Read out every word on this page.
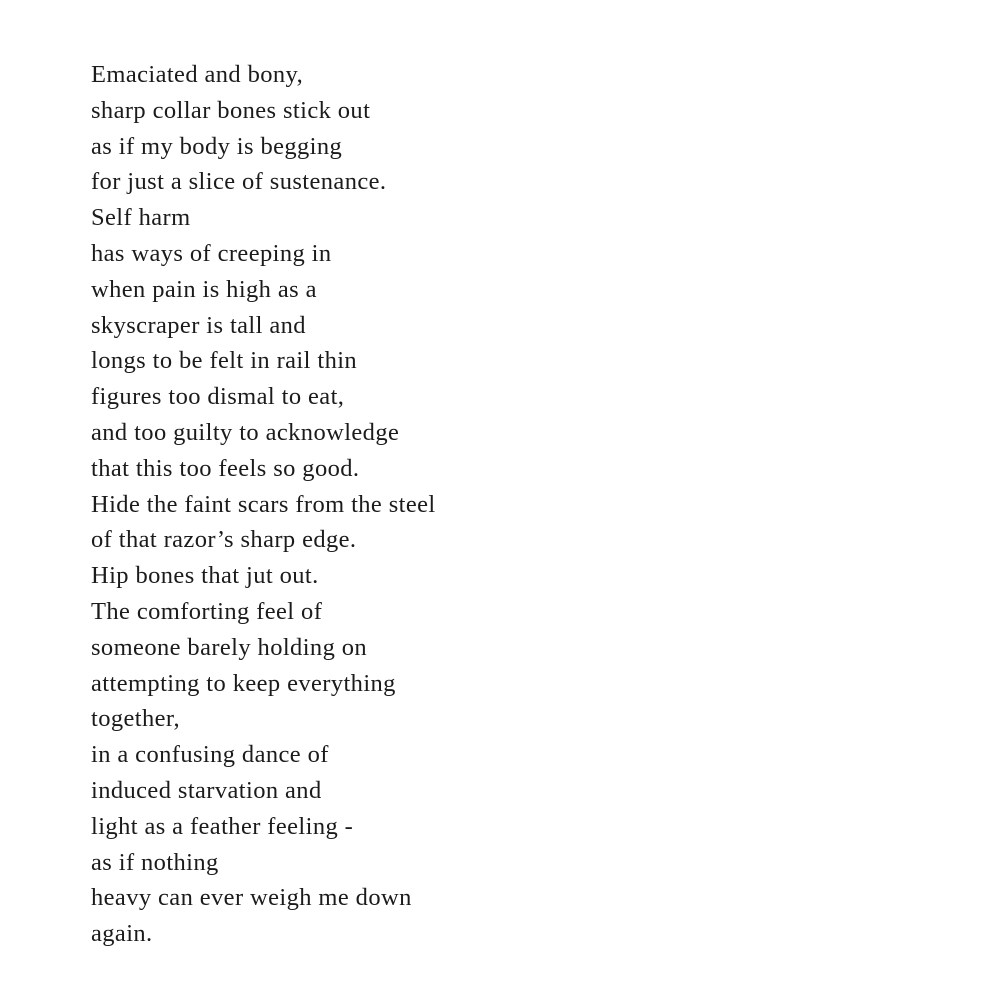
Emaciated and bony,
sharp collar bones stick out
as if my body is begging
for just a slice of sustenance.
Self harm
has ways of creeping in
when pain is high as a
skyscraper is tall and
longs to be felt in rail thin
figures too dismal to eat,
and too guilty to acknowledge
that this too feels so good.
Hide the faint scars from the steel
of that razor’s sharp edge.
Hip bones that jut out.
The comforting feel of
someone barely holding on
attempting to keep everything
together,
in a confusing dance of
induced starvation and
light as a feather feeling -
as if nothing
heavy can ever weigh me down
again.
